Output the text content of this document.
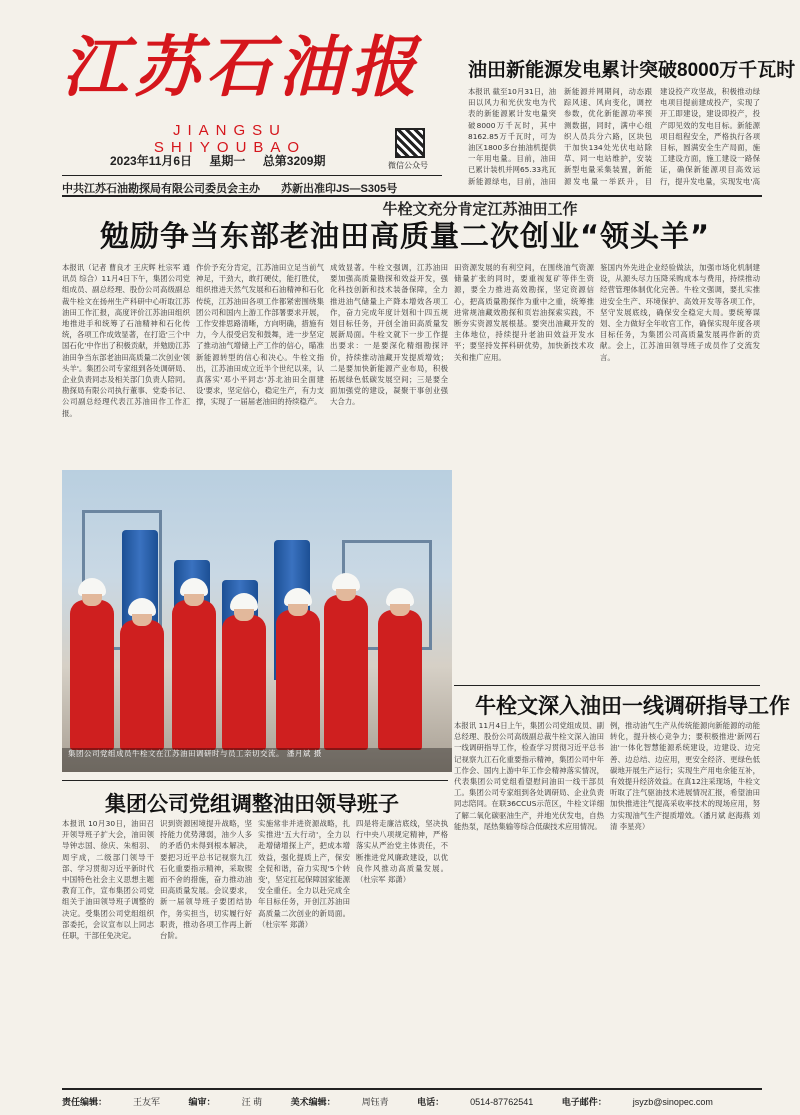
江苏石油报
JIANGSU SHIYOUBAO
微信公众号
2023年11月6日 星期一 总第3209期
中共江苏石油勘探局有限公司委员会主办 苏新出准印JS—S305号
油田新能源发电累计突破8000万千瓦时
本报讯 截至10月31日，油田以风力和光伏发电为代表的新能源累计发电量突破8000万千瓦时，其中8162.85万千瓦时，可为油区1800多台抽油机提供一年用电量。目前，油田已累计装机并网65.33兆瓦新能源绿电，目前，油田
新能源并网期间，动态跟踪风速、风向变化，调控参数，优化新能源功率预测数据，同时，满中心组织人员兵分六路，区块包干加快134处光伏电站除草、同一电站维护，安装新型电量采集装置，新能源发电量一举跃升，目
建设投产攻坚战，积极推动绿电项目提前建成投产，实现了开工即建设，建设即投产，投产即见效的发电目标。新能源项目组程安全，严格执行各项目标，圆满安全生产局面，施工建设方面，施工建设一路保证，确保新能源项目高效运行，提升发电量，实现发电'高
牛栓文充分肯定江苏油田工作
勉励争当东部老油田高质量二次创业“领头羊”
本报讯（记者 曹良才 王庆辉 杜宗军 通讯员 综合）11月4日下午，集团公司党组成员、副总经理、股份公司高级副总裁牛栓文在扬州生产科研中心听取江苏油田工作汇报，高度评价江苏油田组织地推进手和统筹了石油精神和石化传统，各项工作成效显著，在打造'三个中国石化'中作出了积极贡献，并勉励江苏油田争当东部老油田高质量二次创业'领头羊'。集团公司专家组到各处调研局、企业负责同志及相关部门负责人陪同。勘探局有限公司执行董事、党委书记、公司副总经理代表江苏油田作工作汇报。
作价予充分肯定，江苏油田立足当前气神足，干劲大，敢打硬仗，能打胜仗，组织推进天然气发展和石油精神和石化传统，江苏油田各项工作都紧密围绕集团公司和国内上游工作部署要求开展，工作安排思路清晰，方向明确，措施有力，今人很受启发和鼓舞，进一步坚定了推动油气增储上产工作的信心，瞄准新能源转型的信心和决心。牛栓文指出，江苏油田成立近半个世纪以来，认真落实'邓小平同志'苏北油田全面建设'要求，坚定信心，稳定生产，有力支撑，实现了一届届老油田的持续稳产。
成效显著。牛栓文强调，江苏油田要加强高质量勘探和效益开发，强化科技创新和技术装备保障，全力推进油气储量上产降本增效各项工作，奋力完成年度计划和十四五规划目标任务，开创全油田高质量发展新局面。牛栓文就下一步工作提出要求：一是要深化精细勘探评价，持续推动油藏开发提质增效；二是要加快新能源产业布局，积极拓展绿色低碳发展空间；三是要全面加强党的建设，凝聚干事创业强大合力。
田资源发展的有利空间，在围绕油气资源储量扩张的同时，要重视复矿等伴生资源，要全力推进高效勘探，坚定资源信心，把高质量勘探作为重中之重，统筹推进常规油藏效勘探和页岩油探索实践，不断夯实资源发展根基。要突出油藏开发的主体地位，持续提升老油田效益开发水平；要坚持发挥科研优势，加快新技术攻关和推广应用。
鉴国内外先进企业经验做法，加强市场化机制建设，从源头尽力压降采购成本与费用，持续推动经营管理体制优化完善。牛栓文强调，要扎实推进安全生产、环境保护、高效开发等各项工作，坚守发展底线，确保安全稳定大局。要统筹谋划、全力做好全年收官工作，确保实现年度各项目标任务，为集团公司高质量发展再作新的贡献。会上，江苏油田领导班子成员作了交流发言。
集团公司党组成员牛栓文在江苏油田调研时与员工亲切交流。 潘月斌 摄
牛栓文深入油田一线调研指导工作
本报讯 11月4日上午，集团公司党组成员、副总经理、股份公司高级副总裁牛栓文深入油田一线调研指导工作，检查学习贯彻习近平总书记视察九江石化重要指示精神，集团公司中年工作会、国内上游中年工作会精神落实情况，代表集团公司党组看望慰问油田一线干部员工。集团公司专家组到各处调研局、企业负责同志陪同。在联36CCUS示范区，牛栓文详细了解二氧化碳驱油生产，并地光伏发电，自热能热泵，尾热集输等综合低碳技术应用情况。
例，推动油气生产从传统能源向新能源的动能转化，提升核心竞争力；要积极推进'新网石油'一体化智慧能源系统建设，边建设、边完善、边总结、边应用，更安全经济、更绿色低碳地开展生产运行；实现生产用电余能互补，有效提升经济效益。在真12注采现场，牛栓文听取了注气驱油技术进展情况汇报，希望油田加快推进注气提高采收率技术的现场应用，努力实现油气生产提质增效。（潘月斌 赵海燕 刘清 李星亮）
集团公司党组调整油田领导班子
本报讯 10月30日，油田召开领导班子扩大会，油田领导钟志国、徐庆、朱相羽、周宇成，二级部门领导干部、学习贯彻习近平新时代中国特色社会主义思想主题教育工作，宣布集团公司党组关于油田领导班子调整的决定。受集团公司党组组织部委托，会议宣布以上同志任职，干部任免决定。
识到资源困境提升战略，坚持能力优势薄弱，油少人多的矛盾仍未得到根本解决，要把习近平总书记视察九江石化重要指示精神，采取锲而不舍的措施，奋力推动油田高质量发展。会议要求，新一届领导班子要团结协作，务实担当，切实履行好职责，推动各项工作再上新台阶。
实施常非并进资源战略，扎实推进'五大行动'，全力以赴增储增探上产，把成本增效益，强化提质上产，保安全促和谐，奋力实现'5个转变'，坚定扛起保障国家能源安全重任。全力以赴完成全年目标任务，开创江苏油田高质量二次创业的新局面。（杜宗军 郑潇）
四是将走廉洁底线，坚决执行中央八项规定精神，严格落实从严治党主体责任，不断推进党风廉政建设，以优良作风推动高质量发展。（杜宗军 郑潇）
责任编辑：	王友军	编审：	汪 萌	美术编辑：	周钰青	电话：	0514-87762541	电子邮件：	jsyzb@sinopec.com
